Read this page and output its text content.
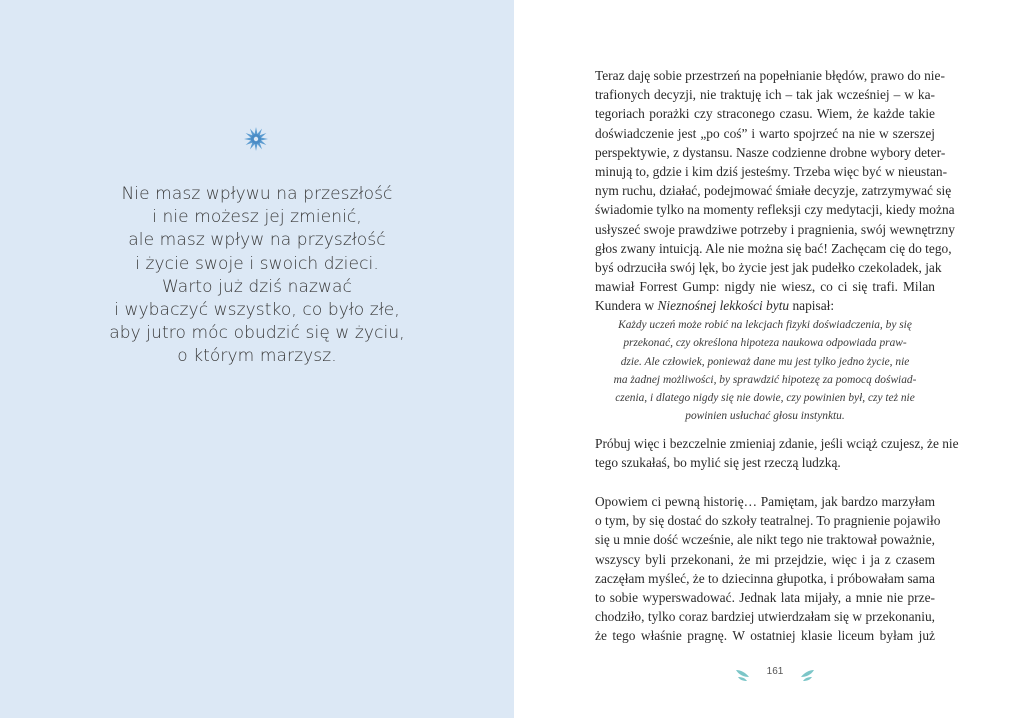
Nie masz wpływu na przeszłość
i nie możesz jej zmienić,
ale masz wpływ na przyszłość
i życie swoje i swoich dzieci.
Warto już dziś nazwać
i wybaczyć wszystko, co było złe,
aby jutro móc obudzić się w życiu,
o którym marzysz.
Teraz daję sobie przestrzeń na popełnianie błędów, prawo do nie-
trafionych decyzji, nie traktuję ich – tak jak wcześniej – w ka-
tegoriach porażki czy straconego czasu. Wiem, że każde takie
doświadczenie jest „po coś” i warto spojrzeć na nie w szerszej
perspektywie, z dystansu. Nasze codzienne drobne wybory deter-
minują to, gdzie i kim dziś jesteśmy. Trzeba więc być w nieustan-
nym ruchu, działać, podejmować śmiałe decyzje, zatrzymywać się
świadomie tylko na momenty refleksji czy medytacji, kiedy można
usłyszeć swoje prawdziwe potrzeby i pragnienia, swój wewnętrzny
głos zwany intuicją. Ale nie można się bać! Zachęcam cię do tego,
byś odrzuciła swój lęk, bo życie jest jak pudełko czekoladek, jak
mawiał Forrest Gump: nigdy nie wiesz, co ci się trafi. Milan
Kundera w Nieznośnej lekkości bytu napisał:
Każdy uczeń może robić na lekcjach fizyki doświadczenia, by się
przekonać, czy określona hipoteza naukowa odpowiada praw-
dzie. Ale człowiek, ponieważ dane mu jest tylko jedno życie, nie
ma żadnej możliwości, by sprawdzić hipotezę za pomocą doświad-
czenia, i dlatego nigdy się nie dowie, czy powinien był, czy też nie
powinien usłuchać głosu instynktu.
Próbuj więc i bezczelnie zmieniaj zdanie, jeśli wciąż czujesz, że nie
tego szukałaś, bo mylić się jest rzeczą ludzką.
Opowiem ci pewną historię… Pamiętam, jak bardzo marzyłam
o tym, by się dostać do szkoły teatralnej. To pragnienie pojawiło
się u mnie dość wcześnie, ale nikt tego nie traktował poważnie,
wszyscy byli przekonani, że mi przejdzie, więc i ja z czasem
zaczęłam myśleć, że to dziecinna głupotka, i próbowałam sama
to sobie wyperswadować. Jednak lata mijały, a mnie nie prze-
chodziło, tylko coraz bardziej utwierdzałam się w przekonaniu,
że tego właśnie pragnę. W ostatniej klasie liceum byłam już
161
